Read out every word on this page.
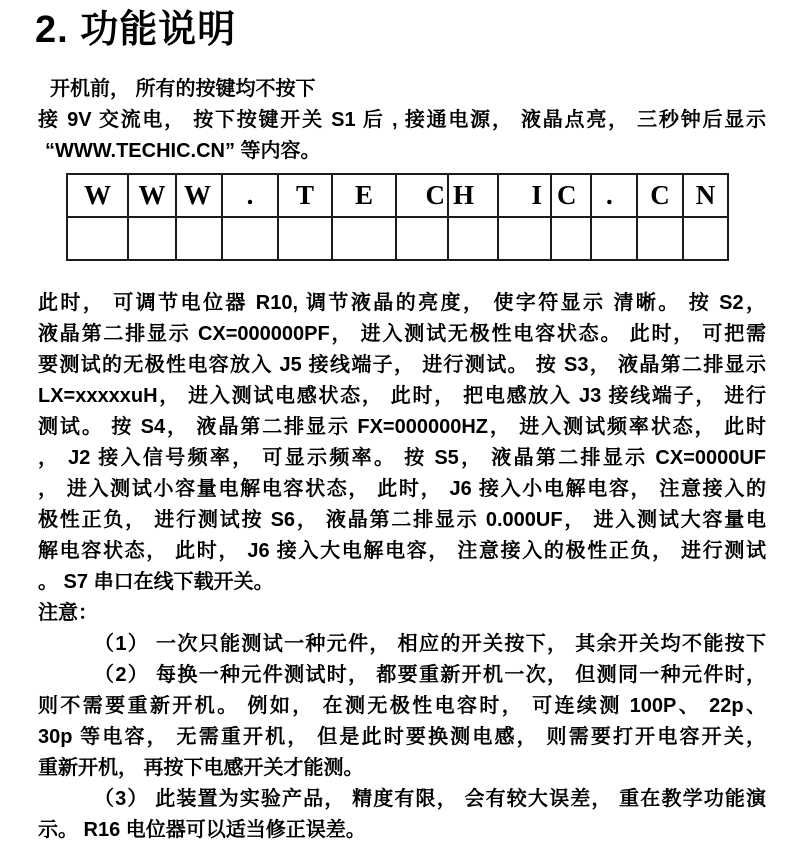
2. 功能说明
开机前， 所有的按键均不按下
接 9V 交流电， 按下按键开关 S1 后 , 接通电源， 液晶点亮， 三秒钟后显示
“WWW.TECHIC.CN” 等内容。
W	W	W	.	T	E	C	H	I	C	.	C	N

此时， 可调节电位器 R10, 调节液晶的亮度， 使字符显示 清晰。 按 S2，
液晶第二排显示 CX=000000PF， 进入测试无极性电容状态。 此时， 可把需
要测试的无极性电容放入 J5 接线端子， 进行测试。 按 S3， 液晶第二排显示
LX=xxxxxuH， 进入测试电感状态， 此时， 把电感放入 J3 接线端子， 进行
测试。 按 S4， 液晶第二排显示 FX=000000HZ， 进入测试频率状态， 此时
， J2 接入信号频率， 可显示频率。 按 S5， 液晶第二排显示 CX=0000UF
， 进入测试小容量电解电容状态， 此时， J6 接入小电解电容， 注意接入的
极性正负， 进行测试按 S6， 液晶第二排显示 0.000UF， 进入测试大容量电
解电容状态， 此时， J6 接入大电解电容， 注意接入的极性正负， 进行测试
。 S7 串口在线下载开关。
注意：
（1） 一次只能测试一种元件， 相应的开关按下， 其余开关均不能按下
（2） 每换一种元件测试时， 都要重新开机一次， 但测同一种元件时，
则不需要重新开机。 例如， 在测无极性电容时， 可连续测 100P、 22p、
30p 等电容， 无需重开机， 但是此时要换测电感， 则需要打开电容开关，
重新开机， 再按下电感开关才能测。
（3） 此装置为实验产品， 精度有限， 会有较大误差， 重在教学功能演
示。 R16 电位器可以适当修正误差。
